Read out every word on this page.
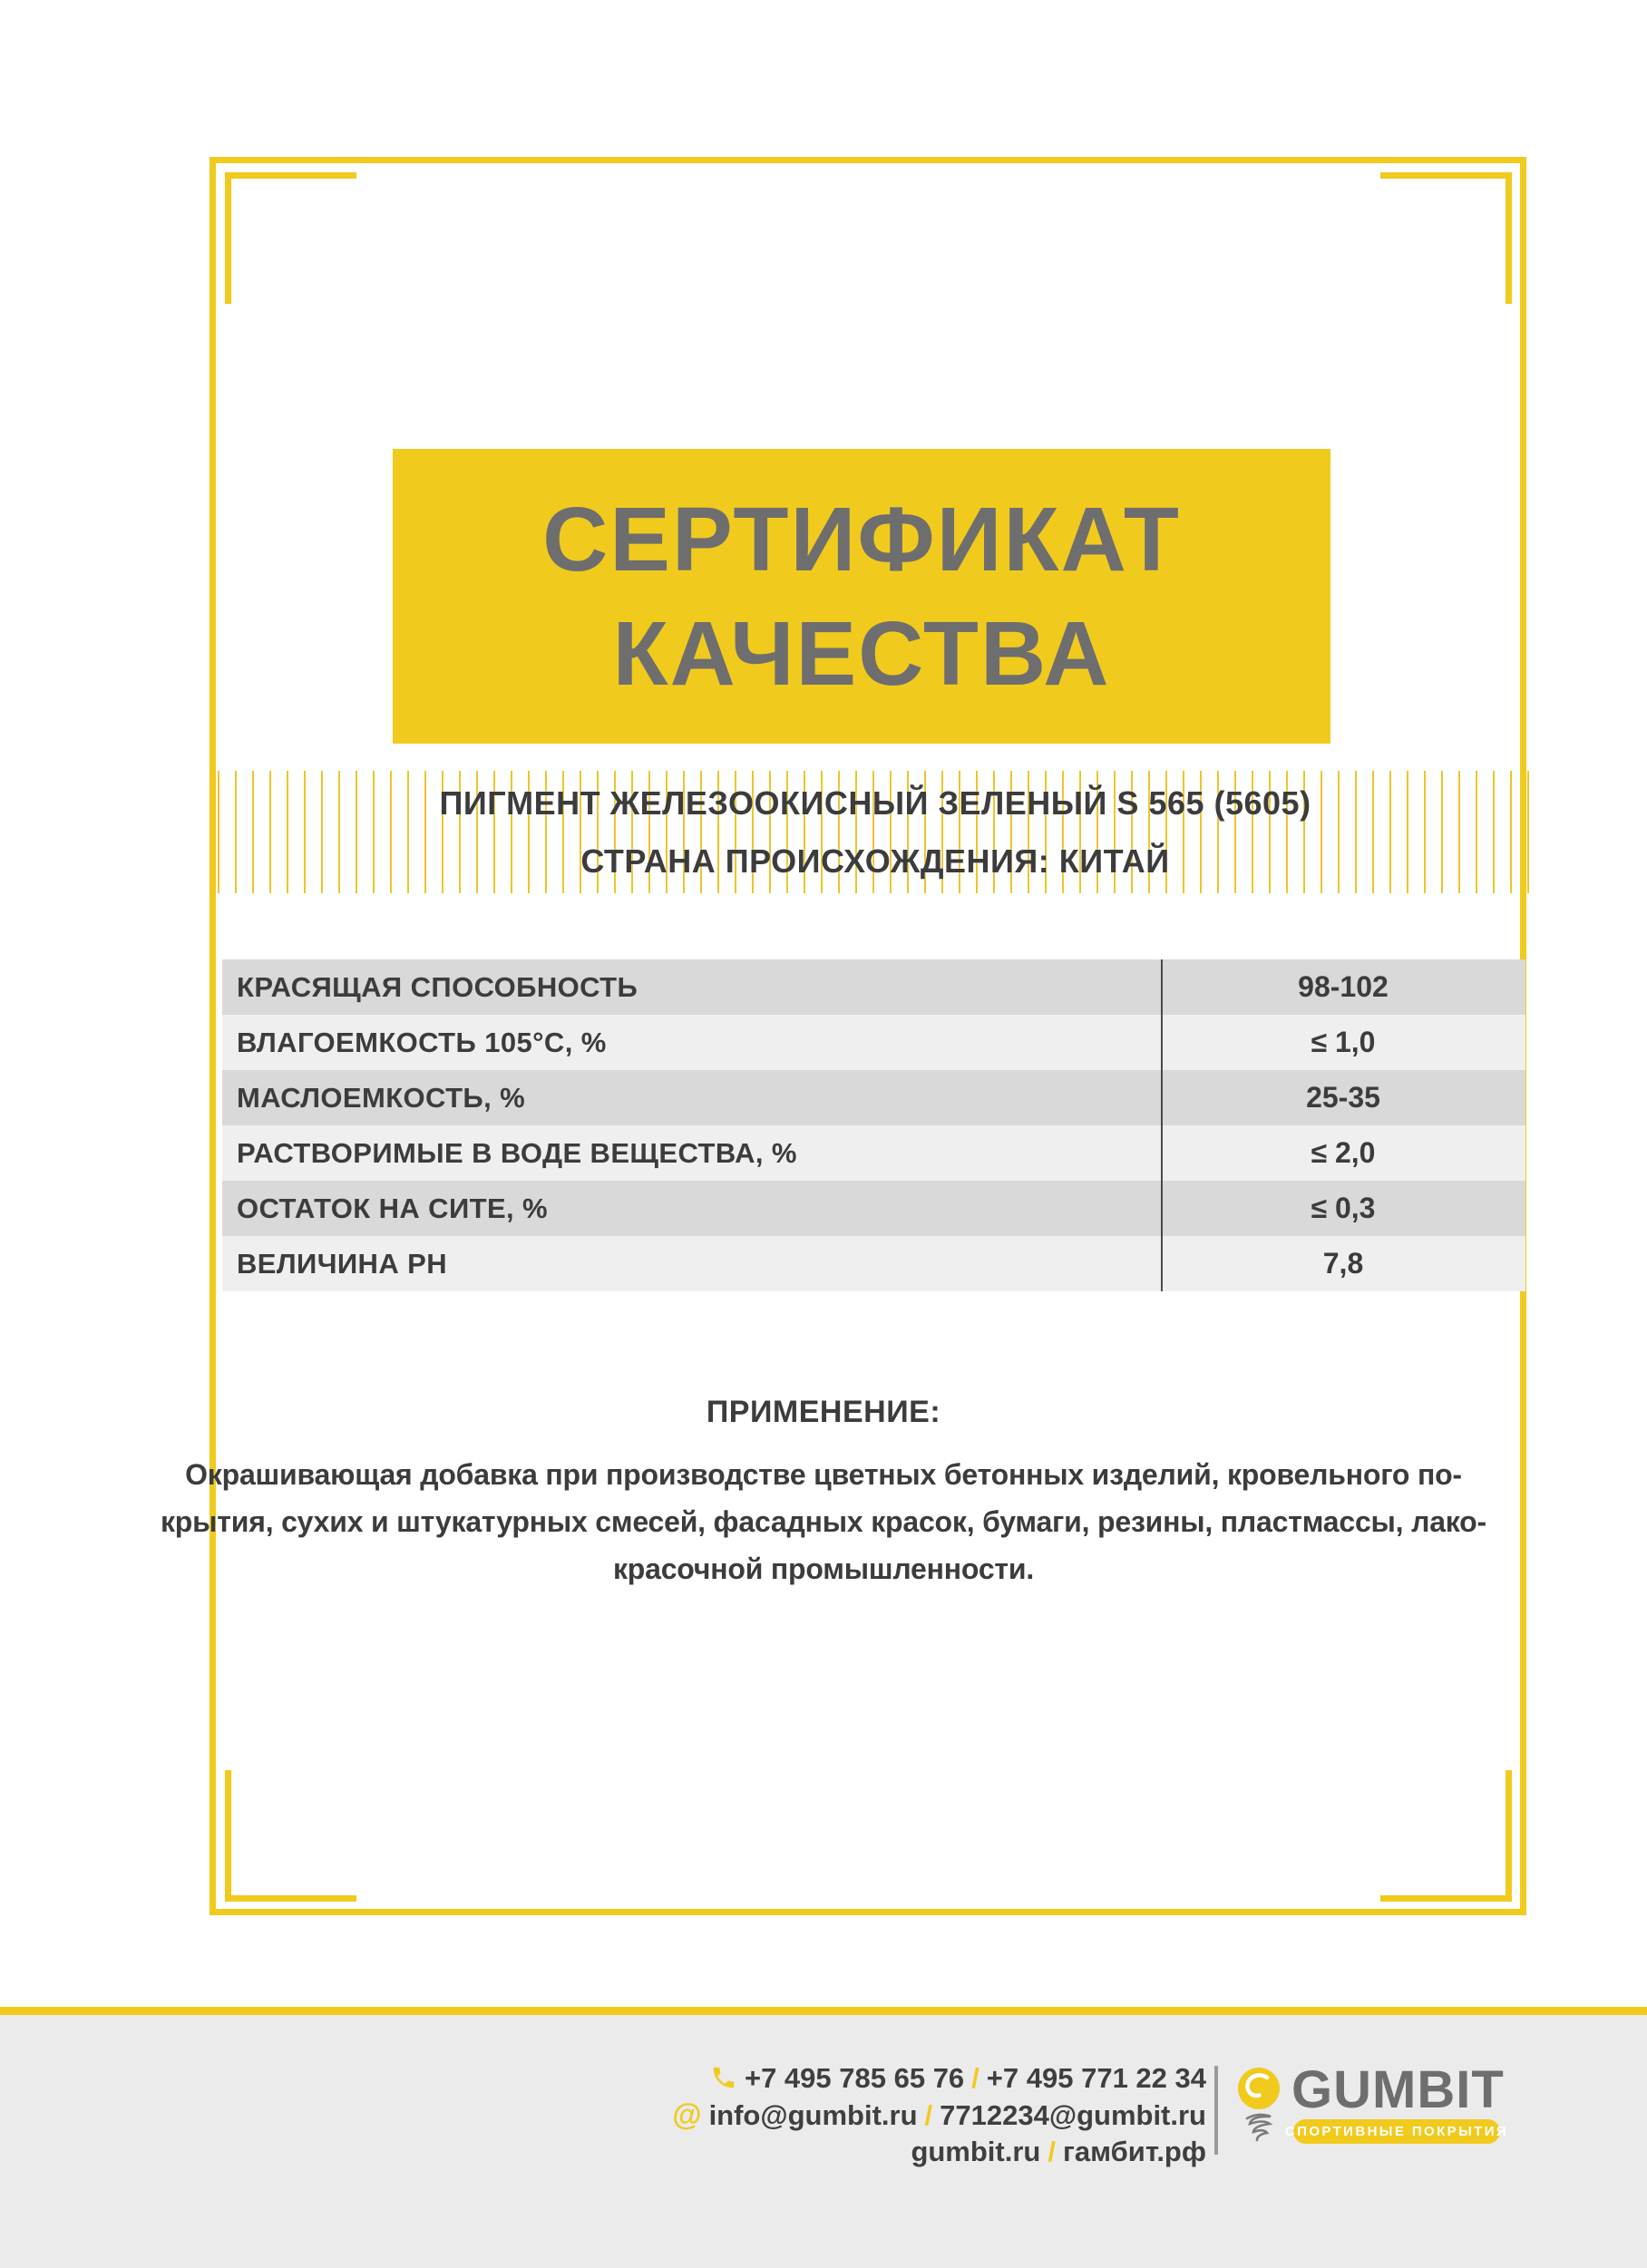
СЕРТИФИКАТ
КАЧЕСТВА
ПИГМЕНТ ЖЕЛЕЗООКИСНЫЙ ЗЕЛЕНЫЙ S 565 (5605)
СТРАНА ПРОИСХОЖДЕНИЯ: КИТАЙ
КРАСЯЩАЯ СПОСОБНОСТЬ	98-102
ВЛАГОЕМКОСТЬ 105°С, %	≤ 1,0
МАСЛОЕМКОСТЬ, %	25-35
РАСТВОРИМЫЕ В ВОДЕ ВЕЩЕСТВА, %	≤ 2,0
ОСТАТОК НА СИТЕ, %	≤ 0,3
ВЕЛИЧИНА PH	7,8
ПРИМЕНЕНИЕ:
Окрашивающая добавка при производстве цветных бетонных изделий, кровельного по-
крытия, сухих и штукатурных смесей, фасадных красок, бумаги, резины, пластмассы, лако-
красочной промышленности.
+7 495 785 65 76 / +7 495 771 22 34
@ info@gumbit.ru / 7712234@gumbit.ru
gumbit.ru / гамбит.рф
GUMBIT
СПОРТИВНЫЕ ПОКРЫТИЯ
